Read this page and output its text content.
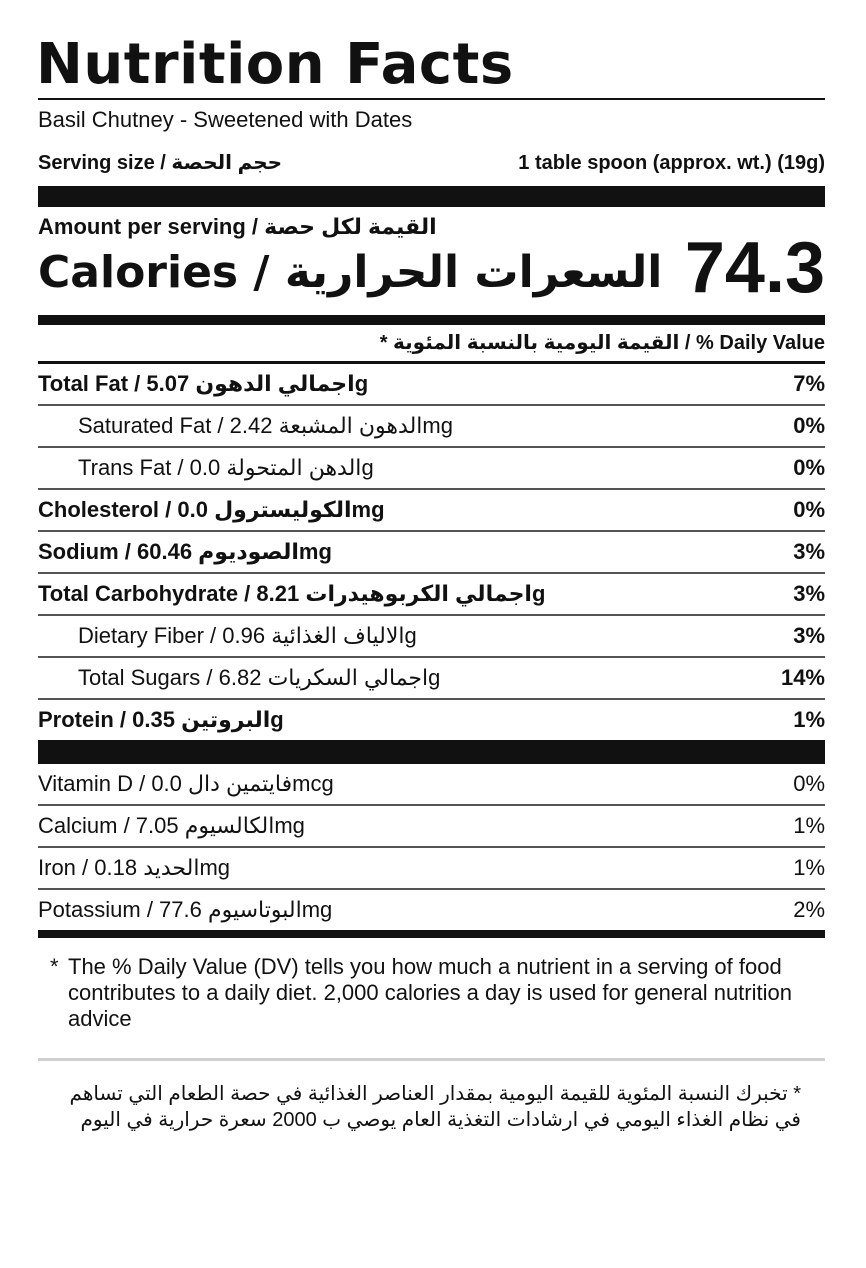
Nutrition Facts
Basil Chutney - Sweetened with Dates
Serving size / حجم الحصة	1 table spoon (approx. wt.) (19g)
Amount per serving / القيمة لكل حصة
Calories / السعرات الحرارية 74.3
* القيمة اليومية بالنسبة المئوية / % Daily Value
Total Fat / اجمالي الدهون 5.07g	7%
Saturated Fat / الدهون المشبعة 2.42mg	0%
Trans Fat / الدهن المتحولة 0.0g	0%
Cholesterol / الكوليسترول 0.0mg	0%
Sodium / الصوديوم 60.46mg	3%
Total Carbohydrate / اجمالي الكربوهيدرات 8.21g	3%
Dietary Fiber / الالياف الغذائية 0.96g	3%
Total Sugars / اجمالي السكريات 6.82g	14%
Protein / البروتين 0.35g	1%
Vitamin D / فايتمين دال 0.0mcg	0%
Calcium / الكالسيوم 7.05mg	1%
Iron / الحديد 0.18mg	1%
Potassium / البوتاسيوم 77.6mg	2%
* The % Daily Value (DV) tells you how much a nutrient in a serving of food contributes to a daily diet. 2,000 calories a day is used for general nutrition advice
* تخبرك النسبة المئوية للقيمة اليومية بمقدار العناصر الغذائية في حصة الطعام التي تساهم في نظام الغذاء اليومي في ارشادات التغذية العام يوصي ب 2000 سعرة حرارية في اليوم
